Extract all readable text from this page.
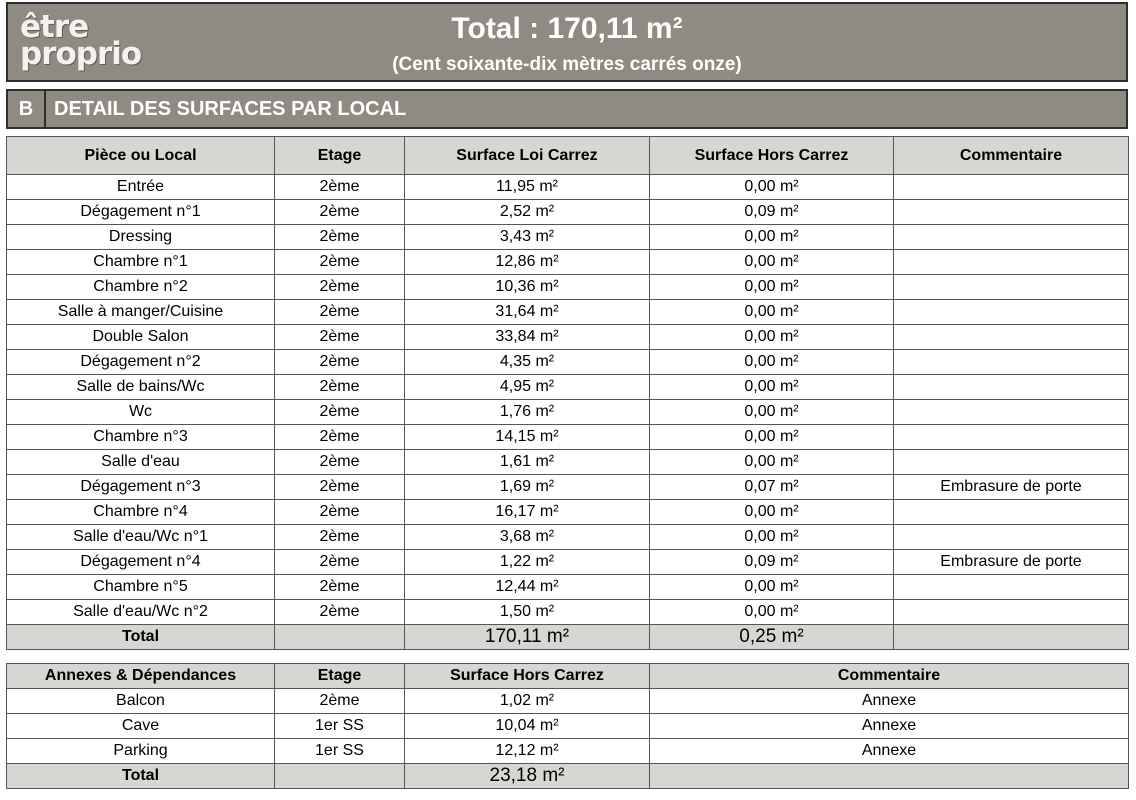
être
proprio
Total : 170,11 m²
(Cent soixante-dix mètres carrés onze)
B	DETAIL DES SURFACES PAR LOCAL
Pièce ou Local	Etage	Surface Loi Carrez	Surface Hors Carrez	Commentaire
Entrée	2ème	11,95 m²	0,00 m²	
Dégagement n°1	2ème	2,52 m²	0,09 m²	
Dressing	2ème	3,43 m²	0,00 m²	
Chambre n°1	2ème	12,86 m²	0,00 m²	
Chambre n°2	2ème	10,36 m²	0,00 m²	
Salle à manger/Cuisine	2ème	31,64 m²	0,00 m²	
Double Salon	2ème	33,84 m²	0,00 m²	
Dégagement n°2	2ème	4,35 m²	0,00 m²	
Salle de bains/Wc	2ème	4,95 m²	0,00 m²	
Wc	2ème	1,76 m²	0,00 m²	
Chambre n°3	2ème	14,15 m²	0,00 m²	
Salle d'eau	2ème	1,61 m²	0,00 m²	
Dégagement n°3	2ème	1,69 m²	0,07 m²	Embrasure de porte
Chambre n°4	2ème	16,17 m²	0,00 m²	
Salle d'eau/Wc n°1	2ème	3,68 m²	0,00 m²	
Dégagement n°4	2ème	1,22 m²	0,09 m²	Embrasure de porte
Chambre n°5	2ème	12,44 m²	0,00 m²	
Salle d'eau/Wc n°2	2ème	1,50 m²	0,00 m²	
Total		170,11 m²	0,25 m²	
Annexes & Dépendances	Etage	Surface Hors Carrez	Commentaire
Balcon	2ème	1,02 m²	Annexe
Cave	1er SS	10,04 m²	Annexe
Parking	1er SS	12,12 m²	Annexe
Total		23,18 m²	
